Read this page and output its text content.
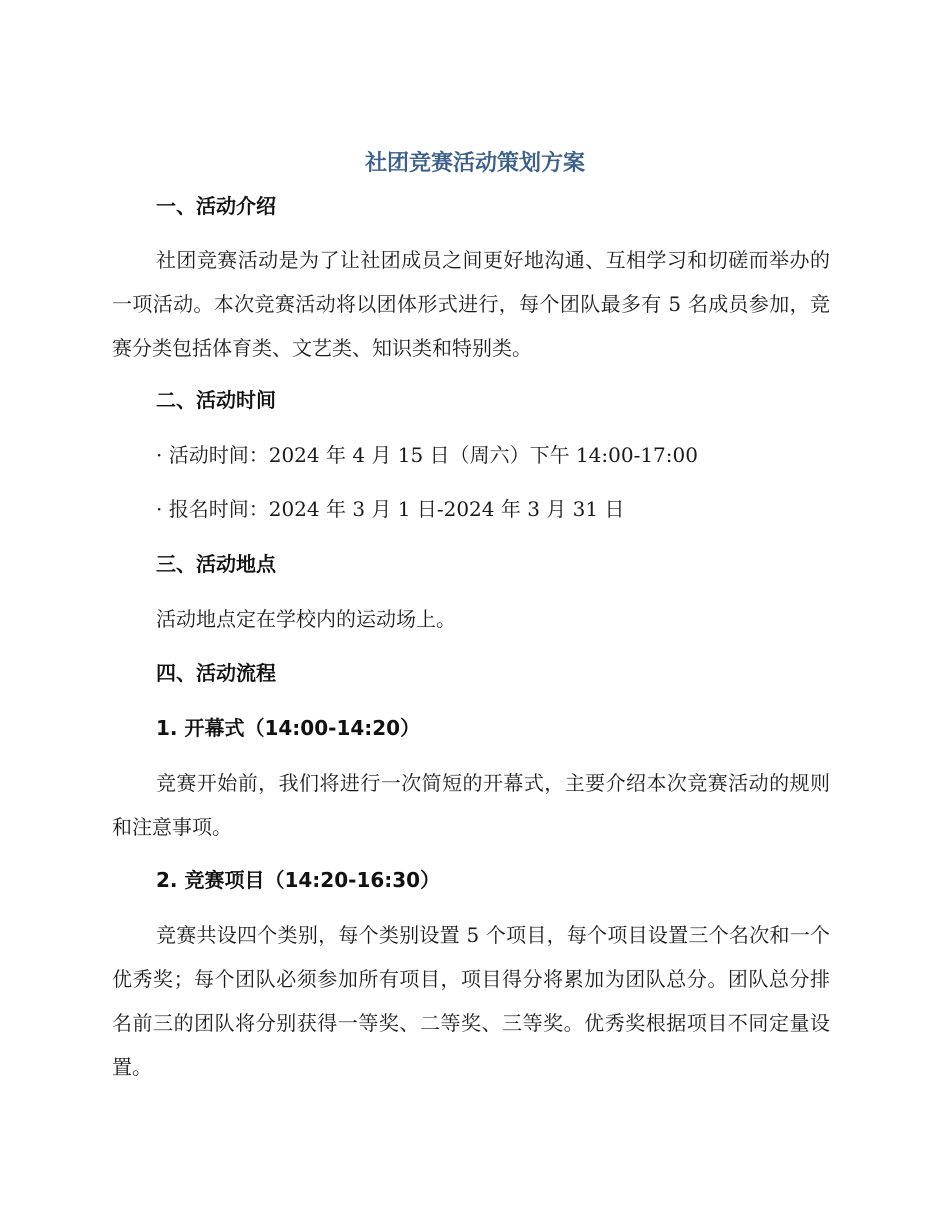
社团竞赛活动策划方案
一、活动介绍
社团竞赛活动是为了让社团成员之间更好地沟通、互相学习和切磋而举办的一项活动。本次竞赛活动将以团体形式进行，每个团队最多有 5 名成员参加，竞赛分类包括体育类、文艺类、知识类和特别类。
二、活动时间
· 活动时间：2024 年 4 月 15 日（周六）下午 14:00-17:00
· 报名时间：2024 年 3 月 1 日-2024 年 3 月 31 日
三、活动地点
活动地点定在学校内的运动场上。
四、活动流程
1. 开幕式（14:00-14:20）
竞赛开始前，我们将进行一次简短的开幕式，主要介绍本次竞赛活动的规则和注意事项。
2. 竞赛项目（14:20-16:30）
竞赛共设四个类别，每个类别设置 5 个项目，每个项目设置三个名次和一个优秀奖；每个团队必须参加所有项目，项目得分将累加为团队总分。团队总分排名前三的团队将分别获得一等奖、二等奖、三等奖。优秀奖根据项目不同定量设置。
